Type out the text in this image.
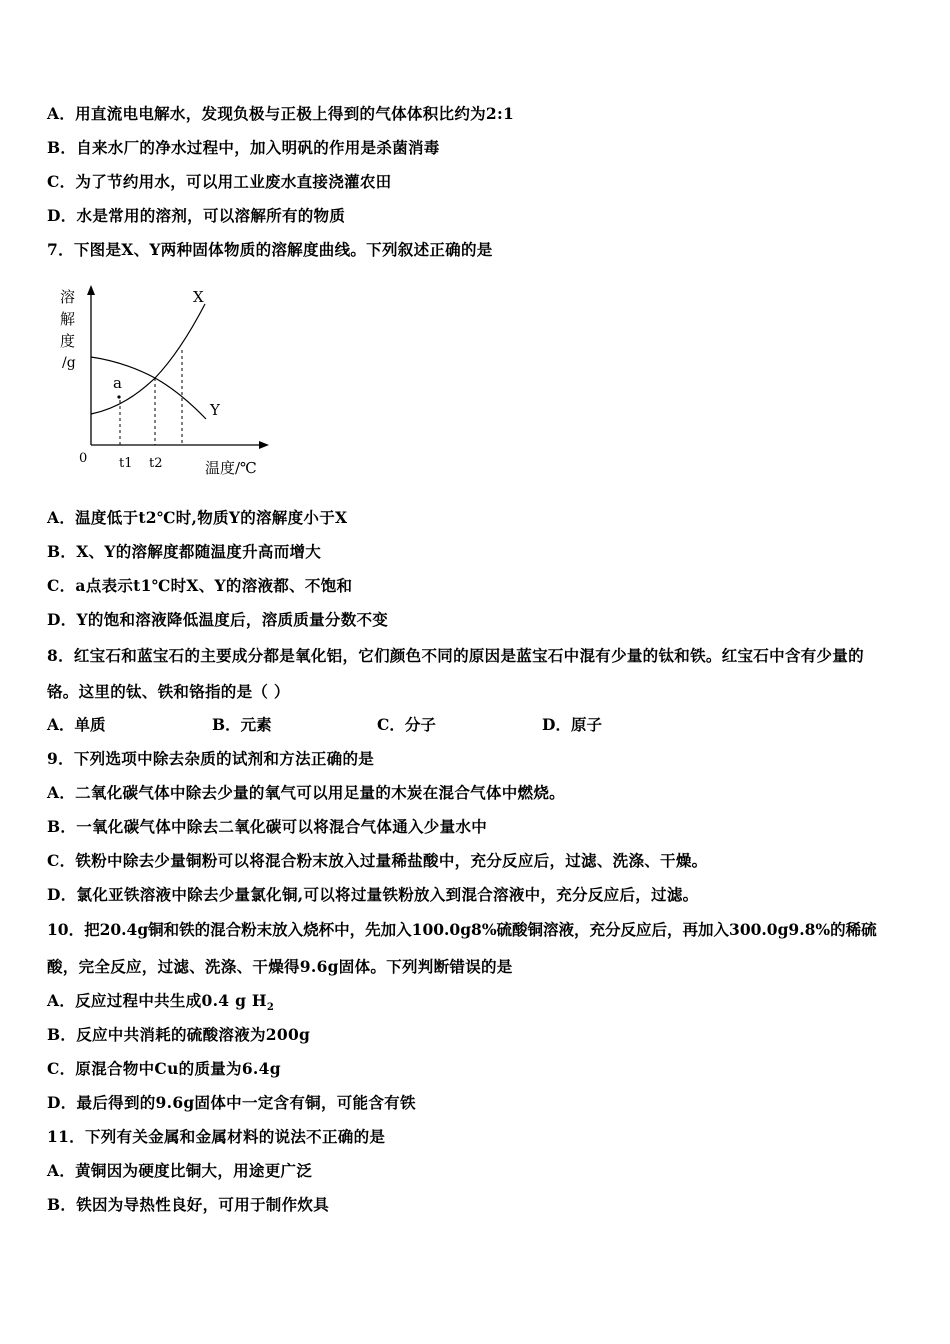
A．用直流电电解水，发现负极与正极上得到的气体体积比约为2:1
B．自来水厂的净水过程中，加入明矾的作用是杀菌消毒
C．为了节约用水，可以用工业废水直接浇灌农田
D．水是常用的溶剂，可以溶解所有的物质
7．下图是X、Y两种固体物质的溶解度曲线。下列叙述正确的是
溶
解
度
/g
a
X
Y
0 t1 t2	温度/℃
A．温度低于t2℃时,物质Y的溶解度小于X
B．X、Y的溶解度都随温度升高而增大
C．a点表示t1℃时X、Y的溶液都、不饱和
D．Y的饱和溶液降低温度后，溶质质量分数不变
8．红宝石和蓝宝石的主要成分都是氧化铝，它们颜色不同的原因是蓝宝石中混有少量的钛和铁。红宝石中含有少量的
铬。这里的钛、铁和铬指的是（ ）
A．单质	B．元素	C．分子	D．原子
9．下列选项中除去杂质的试剂和方法正确的是
A．二氧化碳气体中除去少量的氧气可以用足量的木炭在混合气体中燃烧。
B．一氧化碳气体中除去二氧化碳可以将混合气体通入少量水中
C．铁粉中除去少量铜粉可以将混合粉末放入过量稀盐酸中，充分反应后，过滤、洗涤、干燥。
D．氯化亚铁溶液中除去少量氯化铜,可以将过量铁粉放入到混合溶液中，充分反应后，过滤。
10．把20.4g铜和铁的混合粉末放入烧杯中，先加入100.0g8%硫酸铜溶液，充分反应后，再加入300.0g9.8%的稀硫
酸，完全反应，过滤、洗涤、干燥得9.6g固体。下列判断错误的是
A．反应过程中共生成0.4 g $H_2$
B．反应中共消耗的硫酸溶液为200g
C．原混合物中Cu的质量为6.4g
D．最后得到的9.6g固体中一定含有铜，可能含有铁
11．下列有关金属和金属材料的说法不正确的是
A．黄铜因为硬度比铜大，用途更广泛
B．铁因为导热性良好，可用于制作炊具
